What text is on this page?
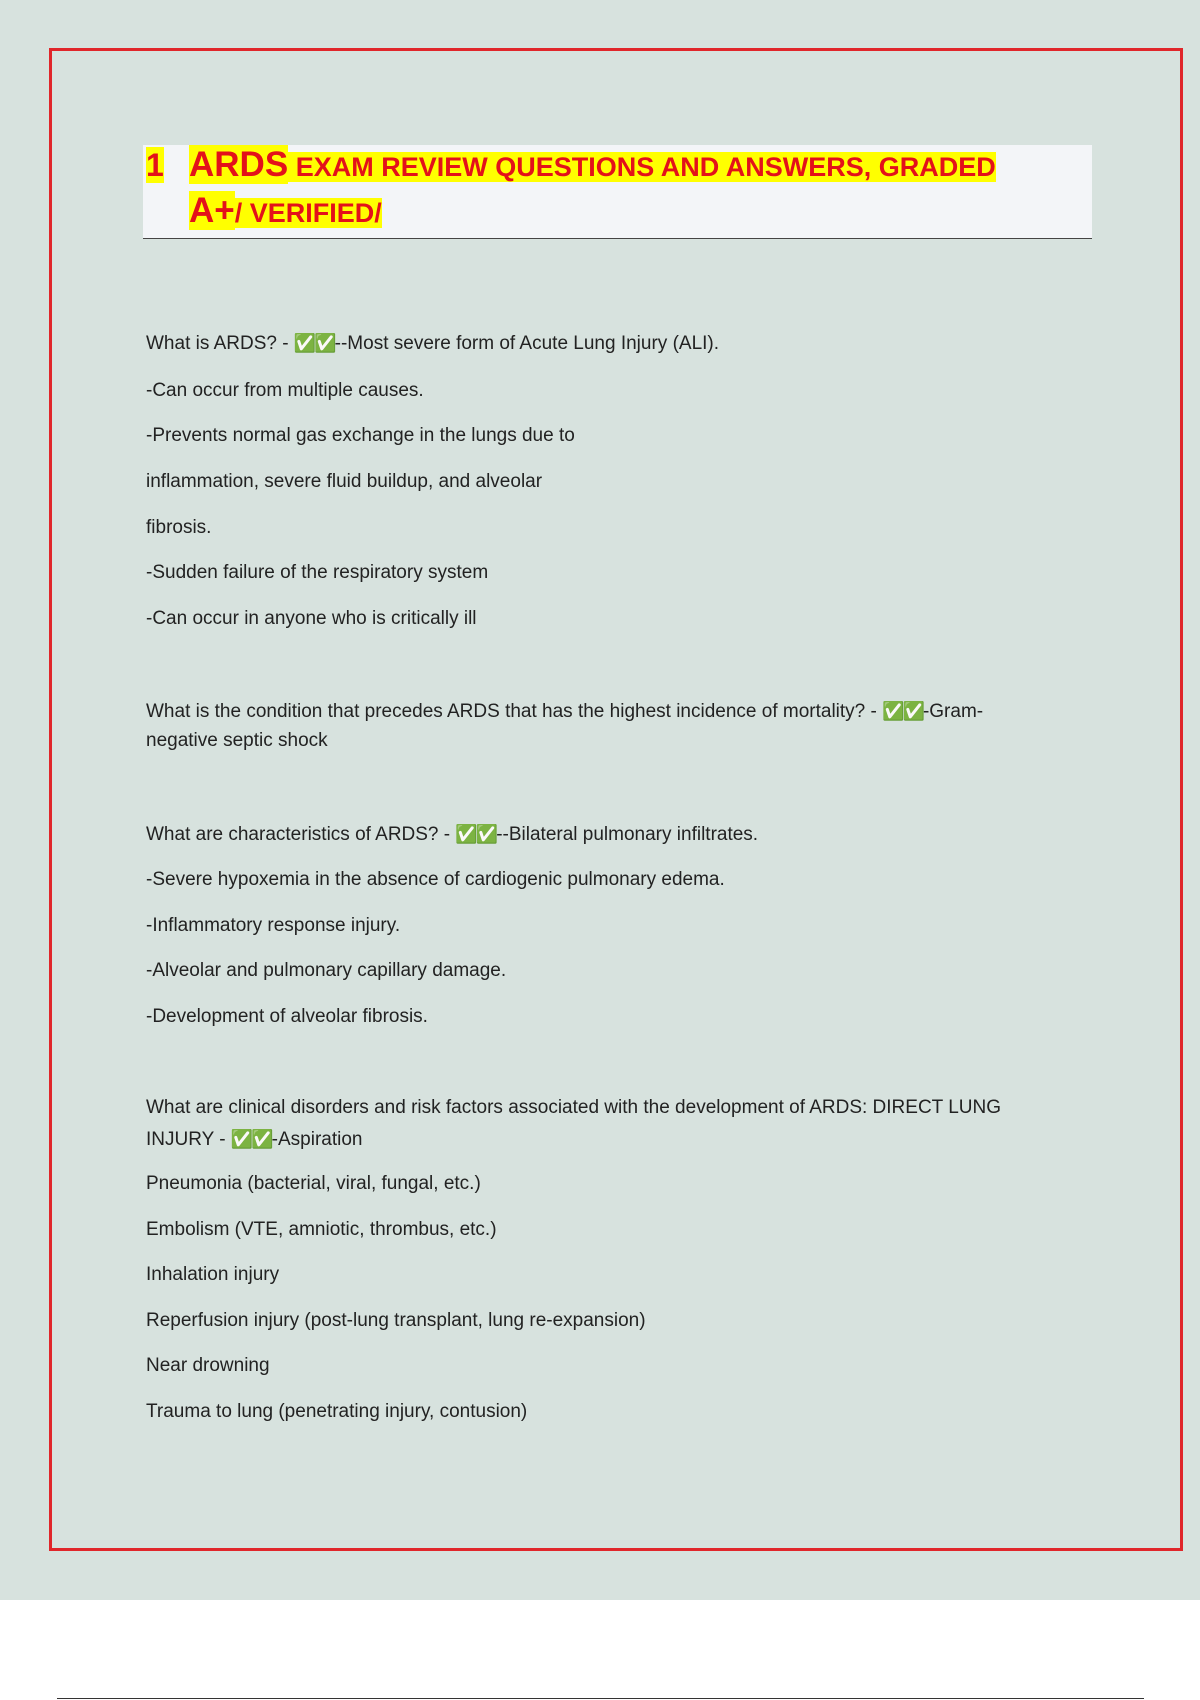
1 ARDS EXAM REVIEW QUESTIONS AND ANSWERS, GRADED
A+/ VERIFIED/
What is ARDS? - ✅✅--Most severe form of Acute Lung Injury (ALI).
-Can occur from multiple causes.
-Prevents normal gas exchange in the lungs due to
inflammation, severe fluid buildup, and alveolar
fibrosis.
-Sudden failure of the respiratory system
-Can occur in anyone who is critically ill
What is the condition that precedes ARDS that has the highest incidence of mortality? - ✅✅-Gram-
negative septic shock
What are characteristics of ARDS? - ✅✅--Bilateral pulmonary infiltrates.
-Severe hypoxemia in the absence of cardiogenic pulmonary edema.
-Inflammatory response injury.
-Alveolar and pulmonary capillary damage.
-Development of alveolar fibrosis.
What are clinical disorders and risk factors associated with the development of ARDS: DIRECT LUNG
INJURY - ✅✅-Aspiration
Pneumonia (bacterial, viral, fungal, etc.)
Embolism (VTE, amniotic, thrombus, etc.)
Inhalation injury
Reperfusion injury (post-lung transplant, lung re-expansion)
Near drowning
Trauma to lung (penetrating injury, contusion)
